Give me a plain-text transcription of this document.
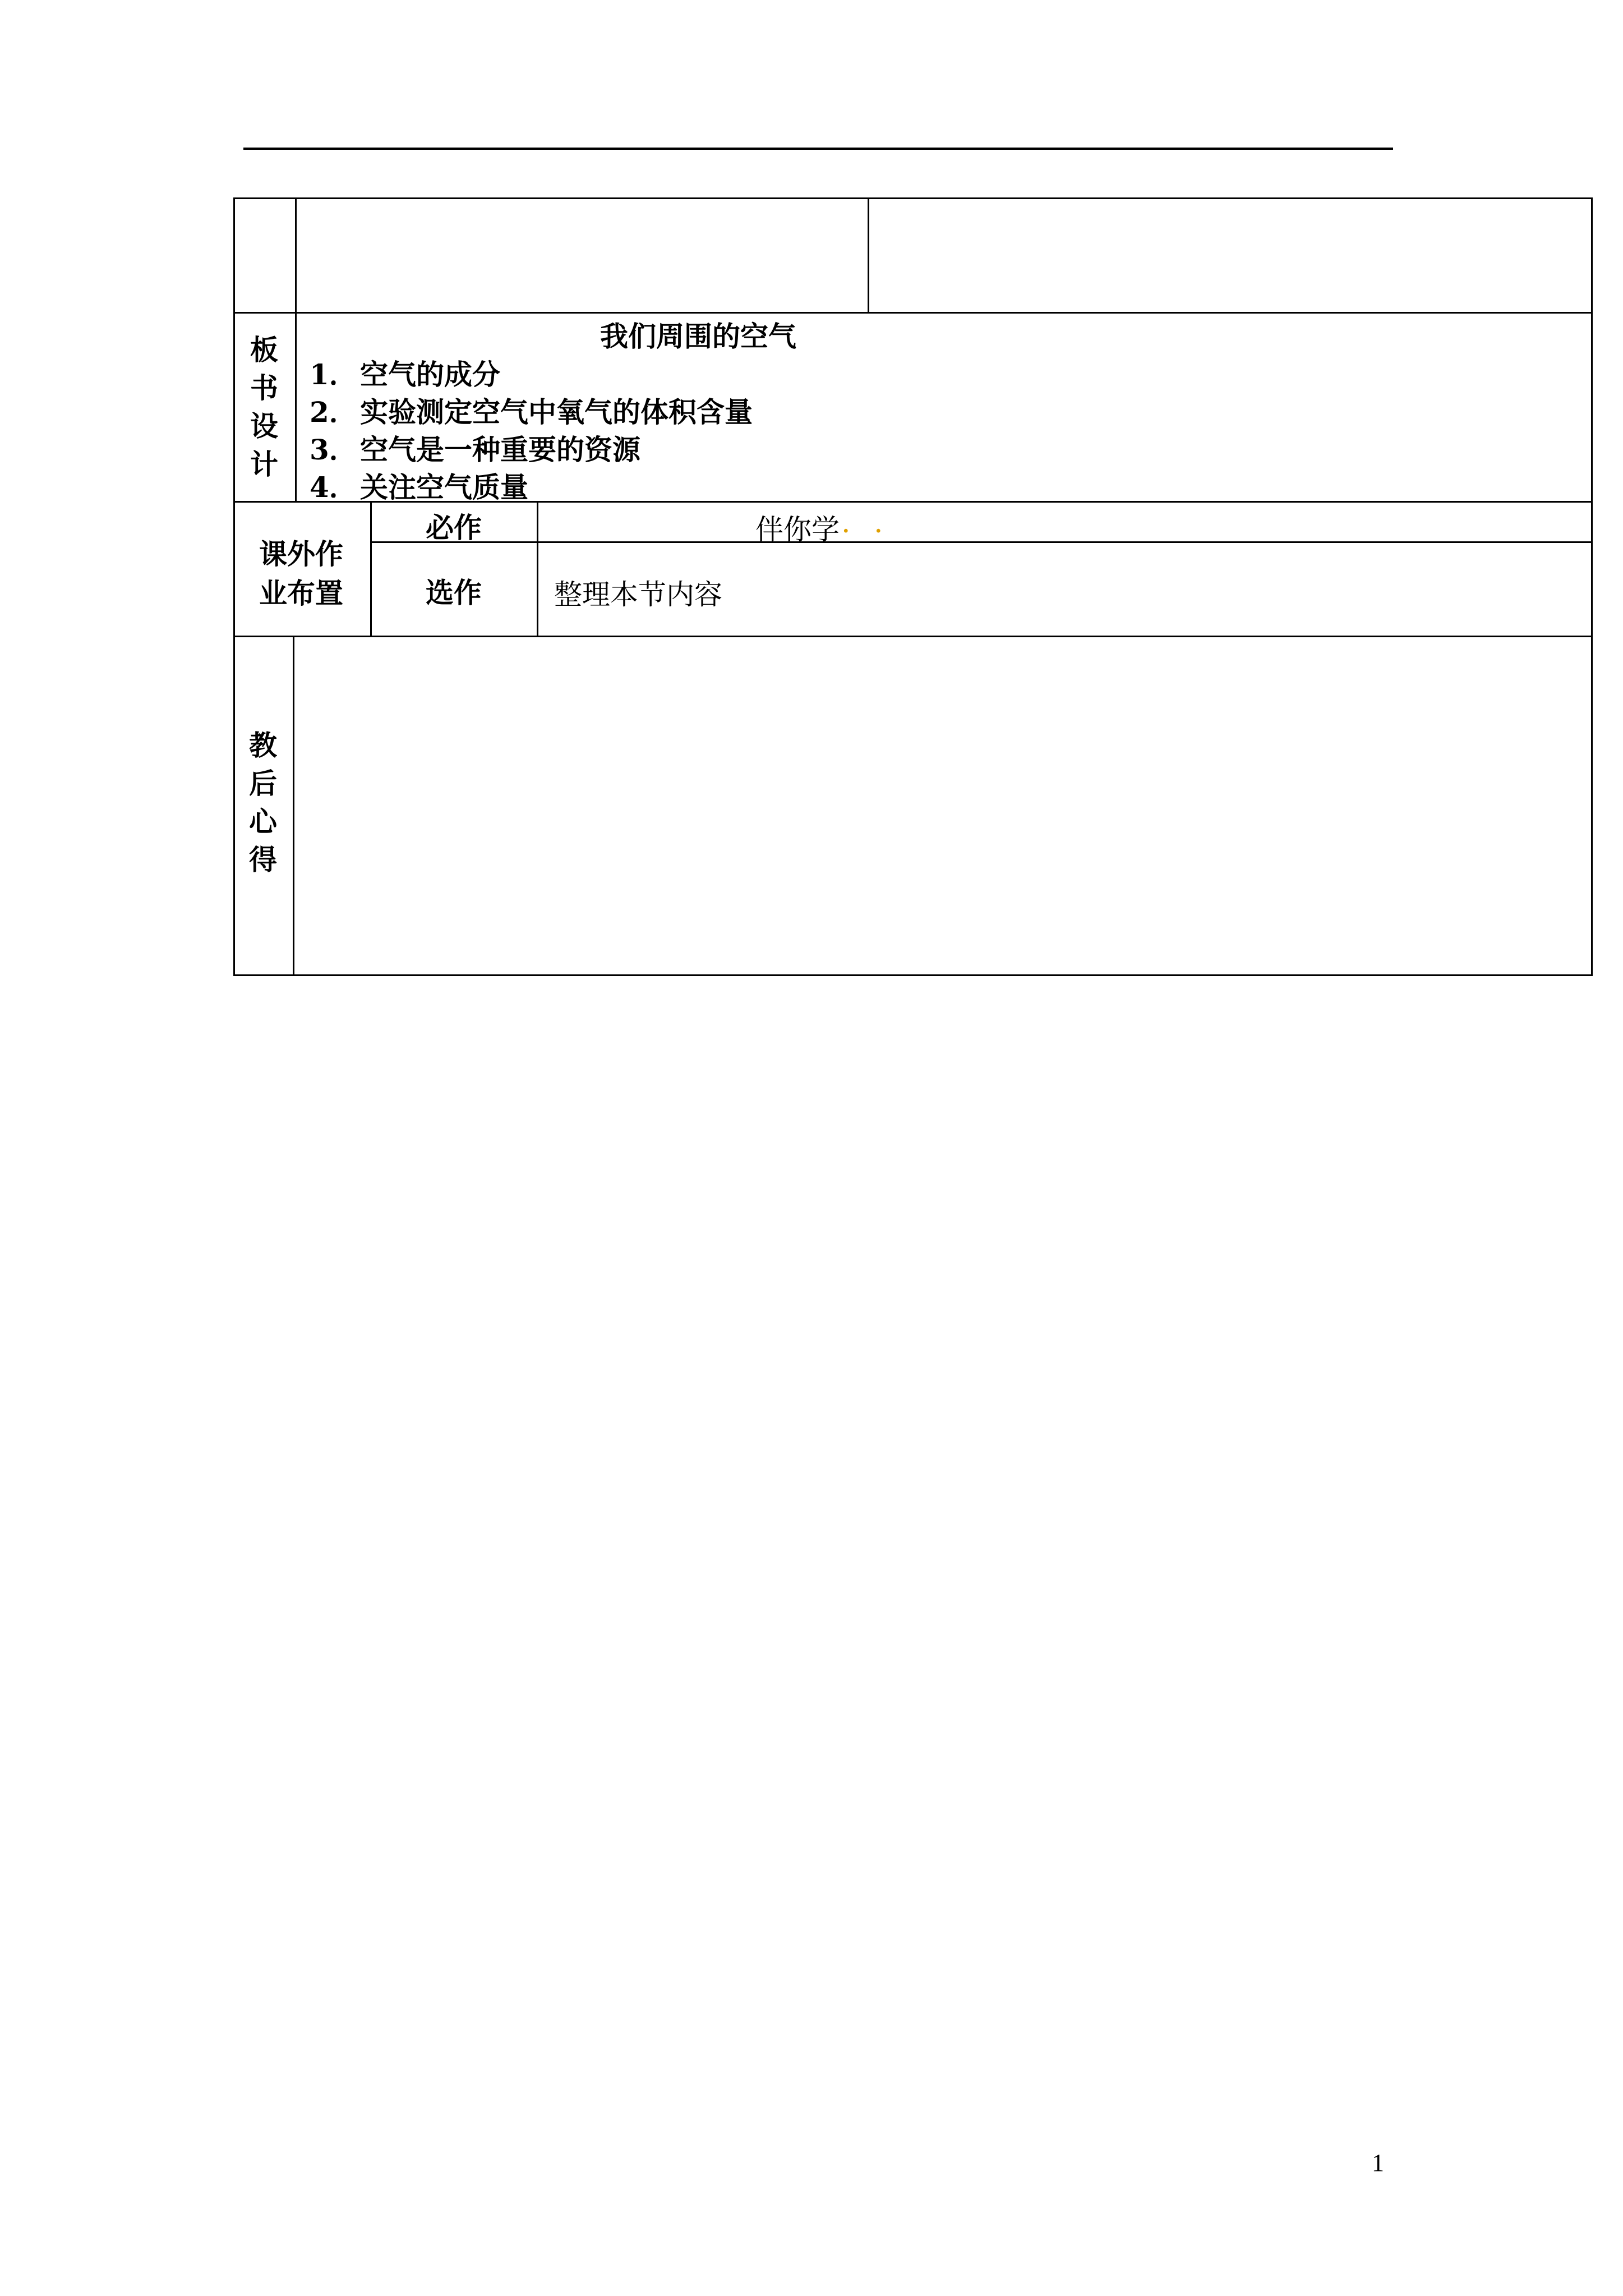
板
书
设
计
我们周围的空气
1． 空气的成分
2． 实验测定空气中氧气的体积含量
3． 空气是一种重要的资源
4． 关注空气质量
课外作
业布置
必作	伴你学 . .
选作	整理本节内容
教
后
心
得
1
